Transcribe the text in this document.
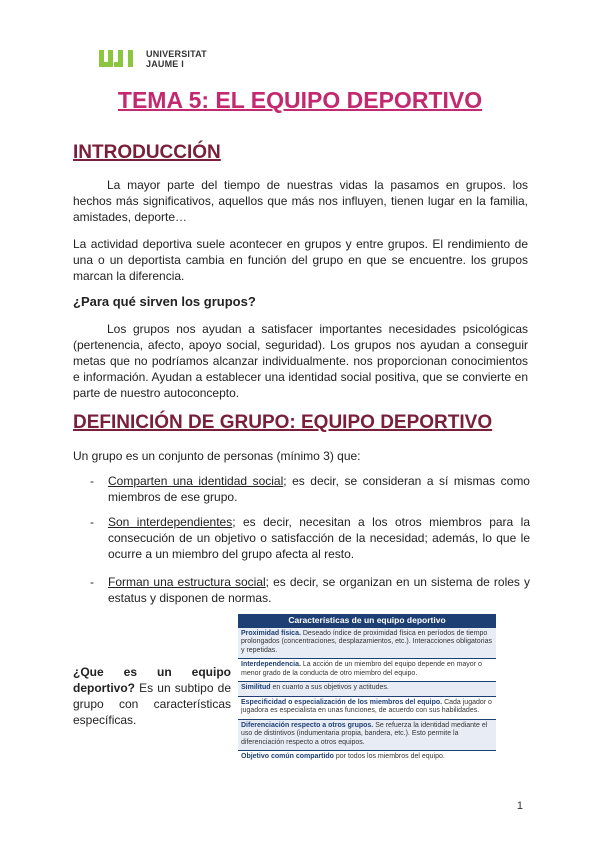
UNIVERSITAT
JAUME I
TEMA 5: EL EQUIPO DEPORTIVO
INTRODUCCIÓN

La mayor parte del tiempo de nuestras vidas la pasamos en grupos. los hechos más significativos, aquellos que más nos influyen, tienen lugar en la familia, amistades, deporte…

La actividad deportiva suele acontecer en grupos y entre grupos. El rendimiento de una o un deportista cambia en función del grupo en que se encuentre. los grupos marcan la diferencia.

¿Para qué sirven los grupos?

Los grupos nos ayudan a satisfacer importantes necesidades psicológicas (pertenencia, afecto, apoyo social, seguridad). Los grupos nos ayudan a conseguir metas que no podríamos alcanzar individualmente. nos proporcionan conocimientos e información. Ayudan a establecer una identidad social positiva, que se convierte en parte de nuestro autoconcepto.

DEFINICIÓN DE GRUPO: EQUIPO DEPORTIVO

Un grupo es un conjunto de personas (mínimo 3) que:

- Comparten una identidad social; es decir, se consideran a sí mismas como miembros de ese grupo.
- Son interdependientes; es decir, necesitan a los otros miembros para la consecución de un objetivo o satisfacción de la necesidad; además, lo que le ocurre a un miembro del grupo afecta al resto.
- Forman una estructura social; es decir, se organizan en un sistema de roles y estatus y disponen de normas.

¿Que es un equipo deportivo? Es un subtipo de grupo con características específicas.

Características de un equipo deportivo
Proximidad física. Deseado índice de proximidad física en períodos de tiempo prolongados (concentraciones, desplazamientos, etc.). Interacciones obligatorias y repetidas.
Interdependencia. La acción de un miembro del equipo depende en mayor o menor grado de la conducta de otro miembro del equipo.
Similitud en cuanto a sus objetivos y actitudes.
Especificidad o especialización de los miembros del equipo. Cada jugador o jugadora es especialista en unas funciones, de acuerdo con sus habilidades.
Diferenciación respecto a otros grupos. Se refuerza la identidad mediante el uso de distintivos (indumentaria propia, bandera, etc.). Esto permite la diferenciación respecto a otros equipos.
Objetivo común compartido por todos los miembros del equipo.
1
